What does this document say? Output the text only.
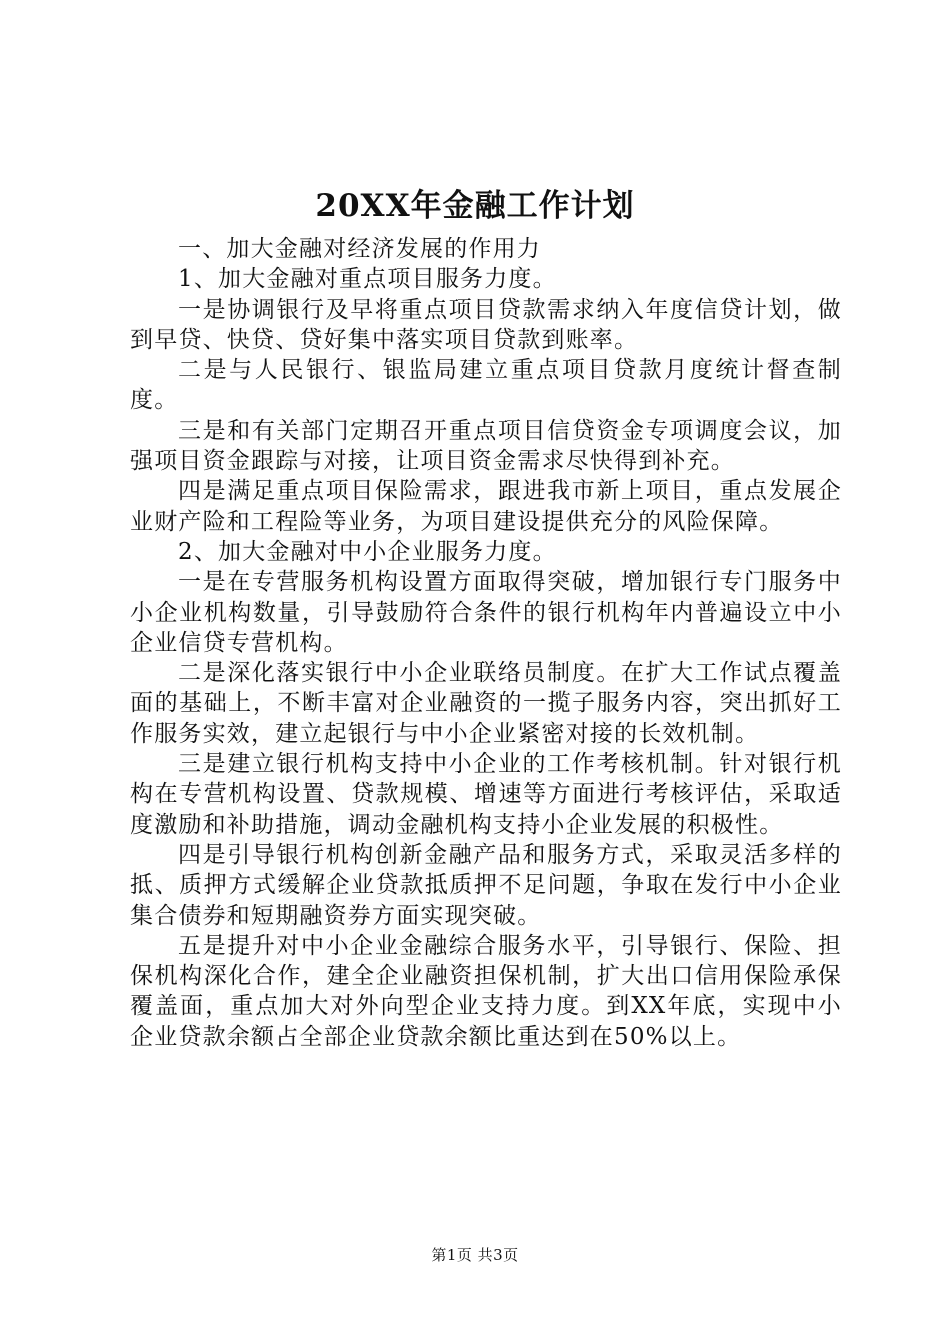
20XX年金融工作计划

一、加大金融对经济发展的作用力

1、加大金融对重点项目服务力度。

一是协调银行及早将重点项目贷款需求纳入年度信贷计划，做到早贷、快贷、贷好集中落实项目贷款到账率。

二是与人民银行、银监局建立重点项目贷款月度统计督查制度。

三是和有关部门定期召开重点项目信贷资金专项调度会议，加强项目资金跟踪与对接，让项目资金需求尽快得到补充。

四是满足重点项目保险需求，跟进我市新上项目，重点发展企业财产险和工程险等业务，为项目建设提供充分的风险保障。

2、加大金融对中小企业服务力度。

一是在专营服务机构设置方面取得突破，增加银行专门服务中小企业机构数量，引导鼓励符合条件的银行机构年内普遍设立中小企业信贷专营机构。

二是深化落实银行中小企业联络员制度。在扩大工作试点覆盖面的基础上，不断丰富对企业融资的一揽子服务内容，突出抓好工作服务实效，建立起银行与中小企业紧密对接的长效机制。

三是建立银行机构支持中小企业的工作考核机制。针对银行机构在专营机构设置、贷款规模、增速等方面进行考核评估，采取适度激励和补助措施，调动金融机构支持小企业发展的积极性。

四是引导银行机构创新金融产品和服务方式，采取灵活多样的抵、质押方式缓解企业贷款抵质押不足问题，争取在发行中小企业集合债券和短期融资券方面实现突破。

五是提升对中小企业金融综合服务水平，引导银行、保险、担保机构深化合作，建全企业融资担保机制，扩大出口信用保险承保覆盖面，重点加大对外向型企业支持力度。到XX年底，实现中小企业贷款余额占全部企业贷款余额比重达到在50%以上。

第1页 共3页
